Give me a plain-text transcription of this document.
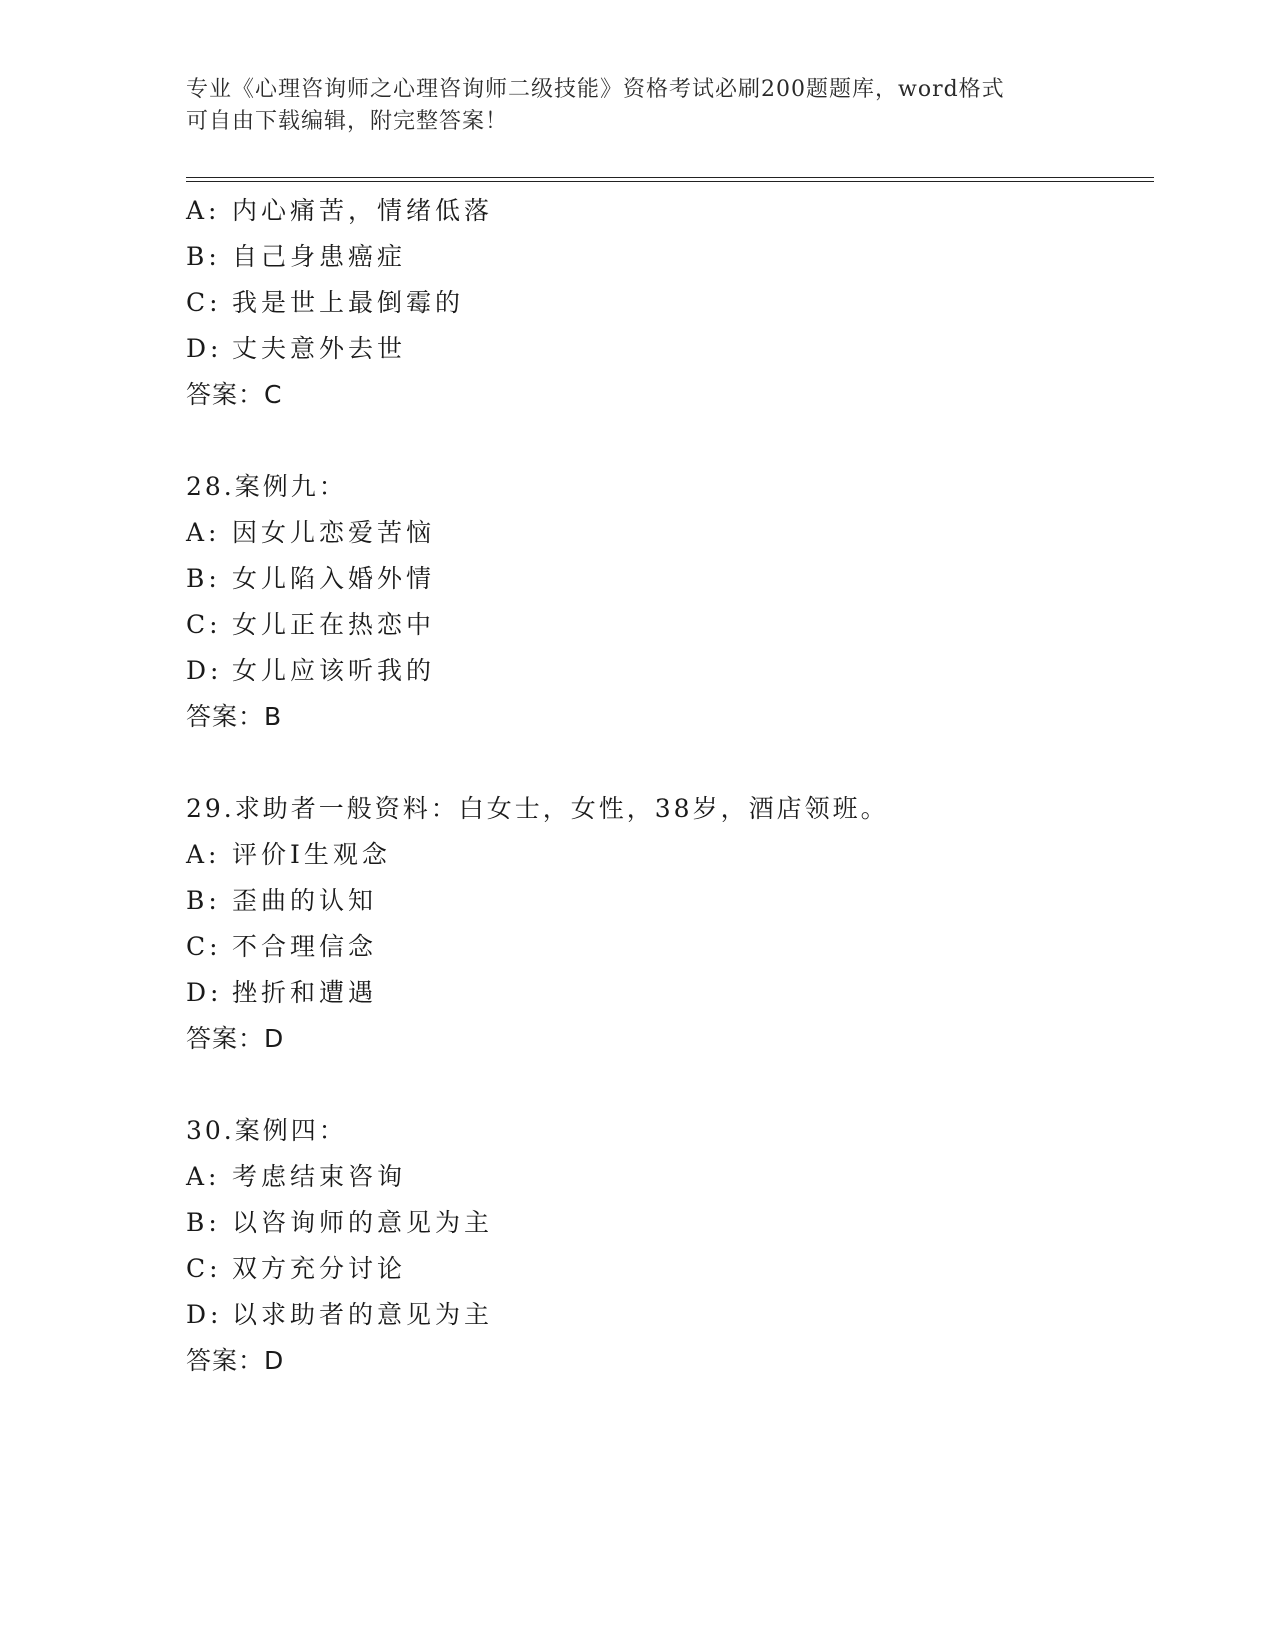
专业《心理咨询师之心理咨询师二级技能》资格考试必刷200题题库，word格式
可自由下载编辑，附完整答案！
A: 内心痛苦，情绪低落
B: 自己身患癌症
C: 我是世上最倒霉的
D: 丈夫意外去世
答案：C
28.案例九：
A: 因女儿恋爱苦恼
B: 女儿陷入婚外情
C: 女儿正在热恋中
D: 女儿应该听我的
答案：B
29.求助者一般资料：白女士，女性，38岁，酒店领班。
A: 评价Ⅰ生观念
B: 歪曲的认知
C: 不合理信念
D: 挫折和遭遇
答案：D
30.案例四：
A: 考虑结束咨询
B: 以咨询师的意见为主
C: 双方充分讨论
D: 以求助者的意见为主
答案：D
